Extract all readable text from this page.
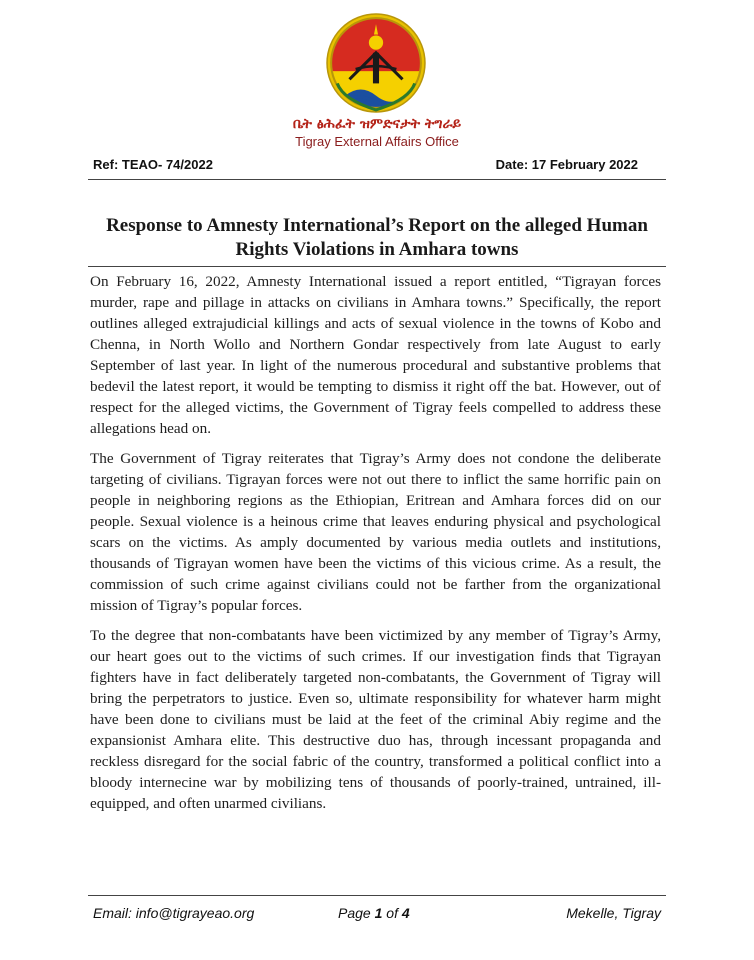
ቤት ፅሕፈት ዝምድናታት ትግራይ
Tigray External Affairs Office
Ref: TEAO- 74/2022	Date: 17 February 2022
Response to Amnesty International’s Report on the alleged Human
Rights Violations in Amhara towns

On February 16, 2022, Amnesty International issued a report entitled, “Tigrayan forces murder, rape and pillage in attacks on civilians in Amhara towns.” Specifically, the report outlines alleged extrajudicial killings and acts of sexual violence in the towns of Kobo and Chenna, in North Wollo and Northern Gondar respectively from late August to early September of last year. In light of the numerous procedural and substantive problems that bedevil the latest report, it would be tempting to dismiss it right off the bat. However, out of respect for the alleged victims, the Government of Tigray feels compelled to address these allegations head on.

The Government of Tigray reiterates that Tigray’s Army does not condone the deliberate targeting of civilians. Tigrayan forces were not out there to inflict the same horrific pain on people in neighboring regions as the Ethiopian, Eritrean and Amhara forces did on our people. Sexual violence is a heinous crime that leaves enduring physical and psychological scars on the victims. As amply documented by various media outlets and institutions, thousands of Tigrayan women have been the victims of this vicious crime. As a result, the commission of such crime against civilians could not be farther from the organizational mission of Tigray’s popular forces.

To the degree that non-combatants have been victimized by any member of Tigray’s Army, our heart goes out to the victims of such crimes. If our investigation finds that Tigrayan fighters have in fact deliberately targeted non-combatants, the Government of Tigray will bring the perpetrators to justice. Even so, ultimate responsibility for whatever harm might have been done to civilians must be laid at the feet of the criminal Abiy regime and the expansionist Amhara elite. This destructive duo has, through incessant propaganda and reckless disregard for the social fabric of the country, transformed a political conflict into a bloody internecine war by mobilizing tens of thousands of poorly-trained, untrained, ill-equipped, and often unarmed civilians.

Email: info@tigrayeao.org	Page 1 of 4	Mekelle, Tigray
